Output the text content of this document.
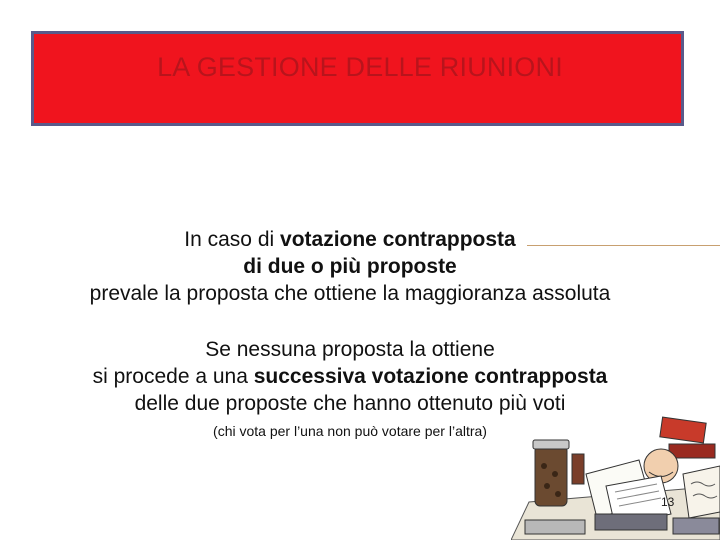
LA GESTIONE DELLE RIUNIONI
In caso di votazione contrapposta
di due o più proposte
prevale la proposta che ottiene la maggioranza assoluta
Se nessuna proposta la ottiene
si procede a una successiva votazione contrapposta
delle due proposte che hanno ottenuto più voti
(chi vota per l’una non può votare per l’altra)
13
